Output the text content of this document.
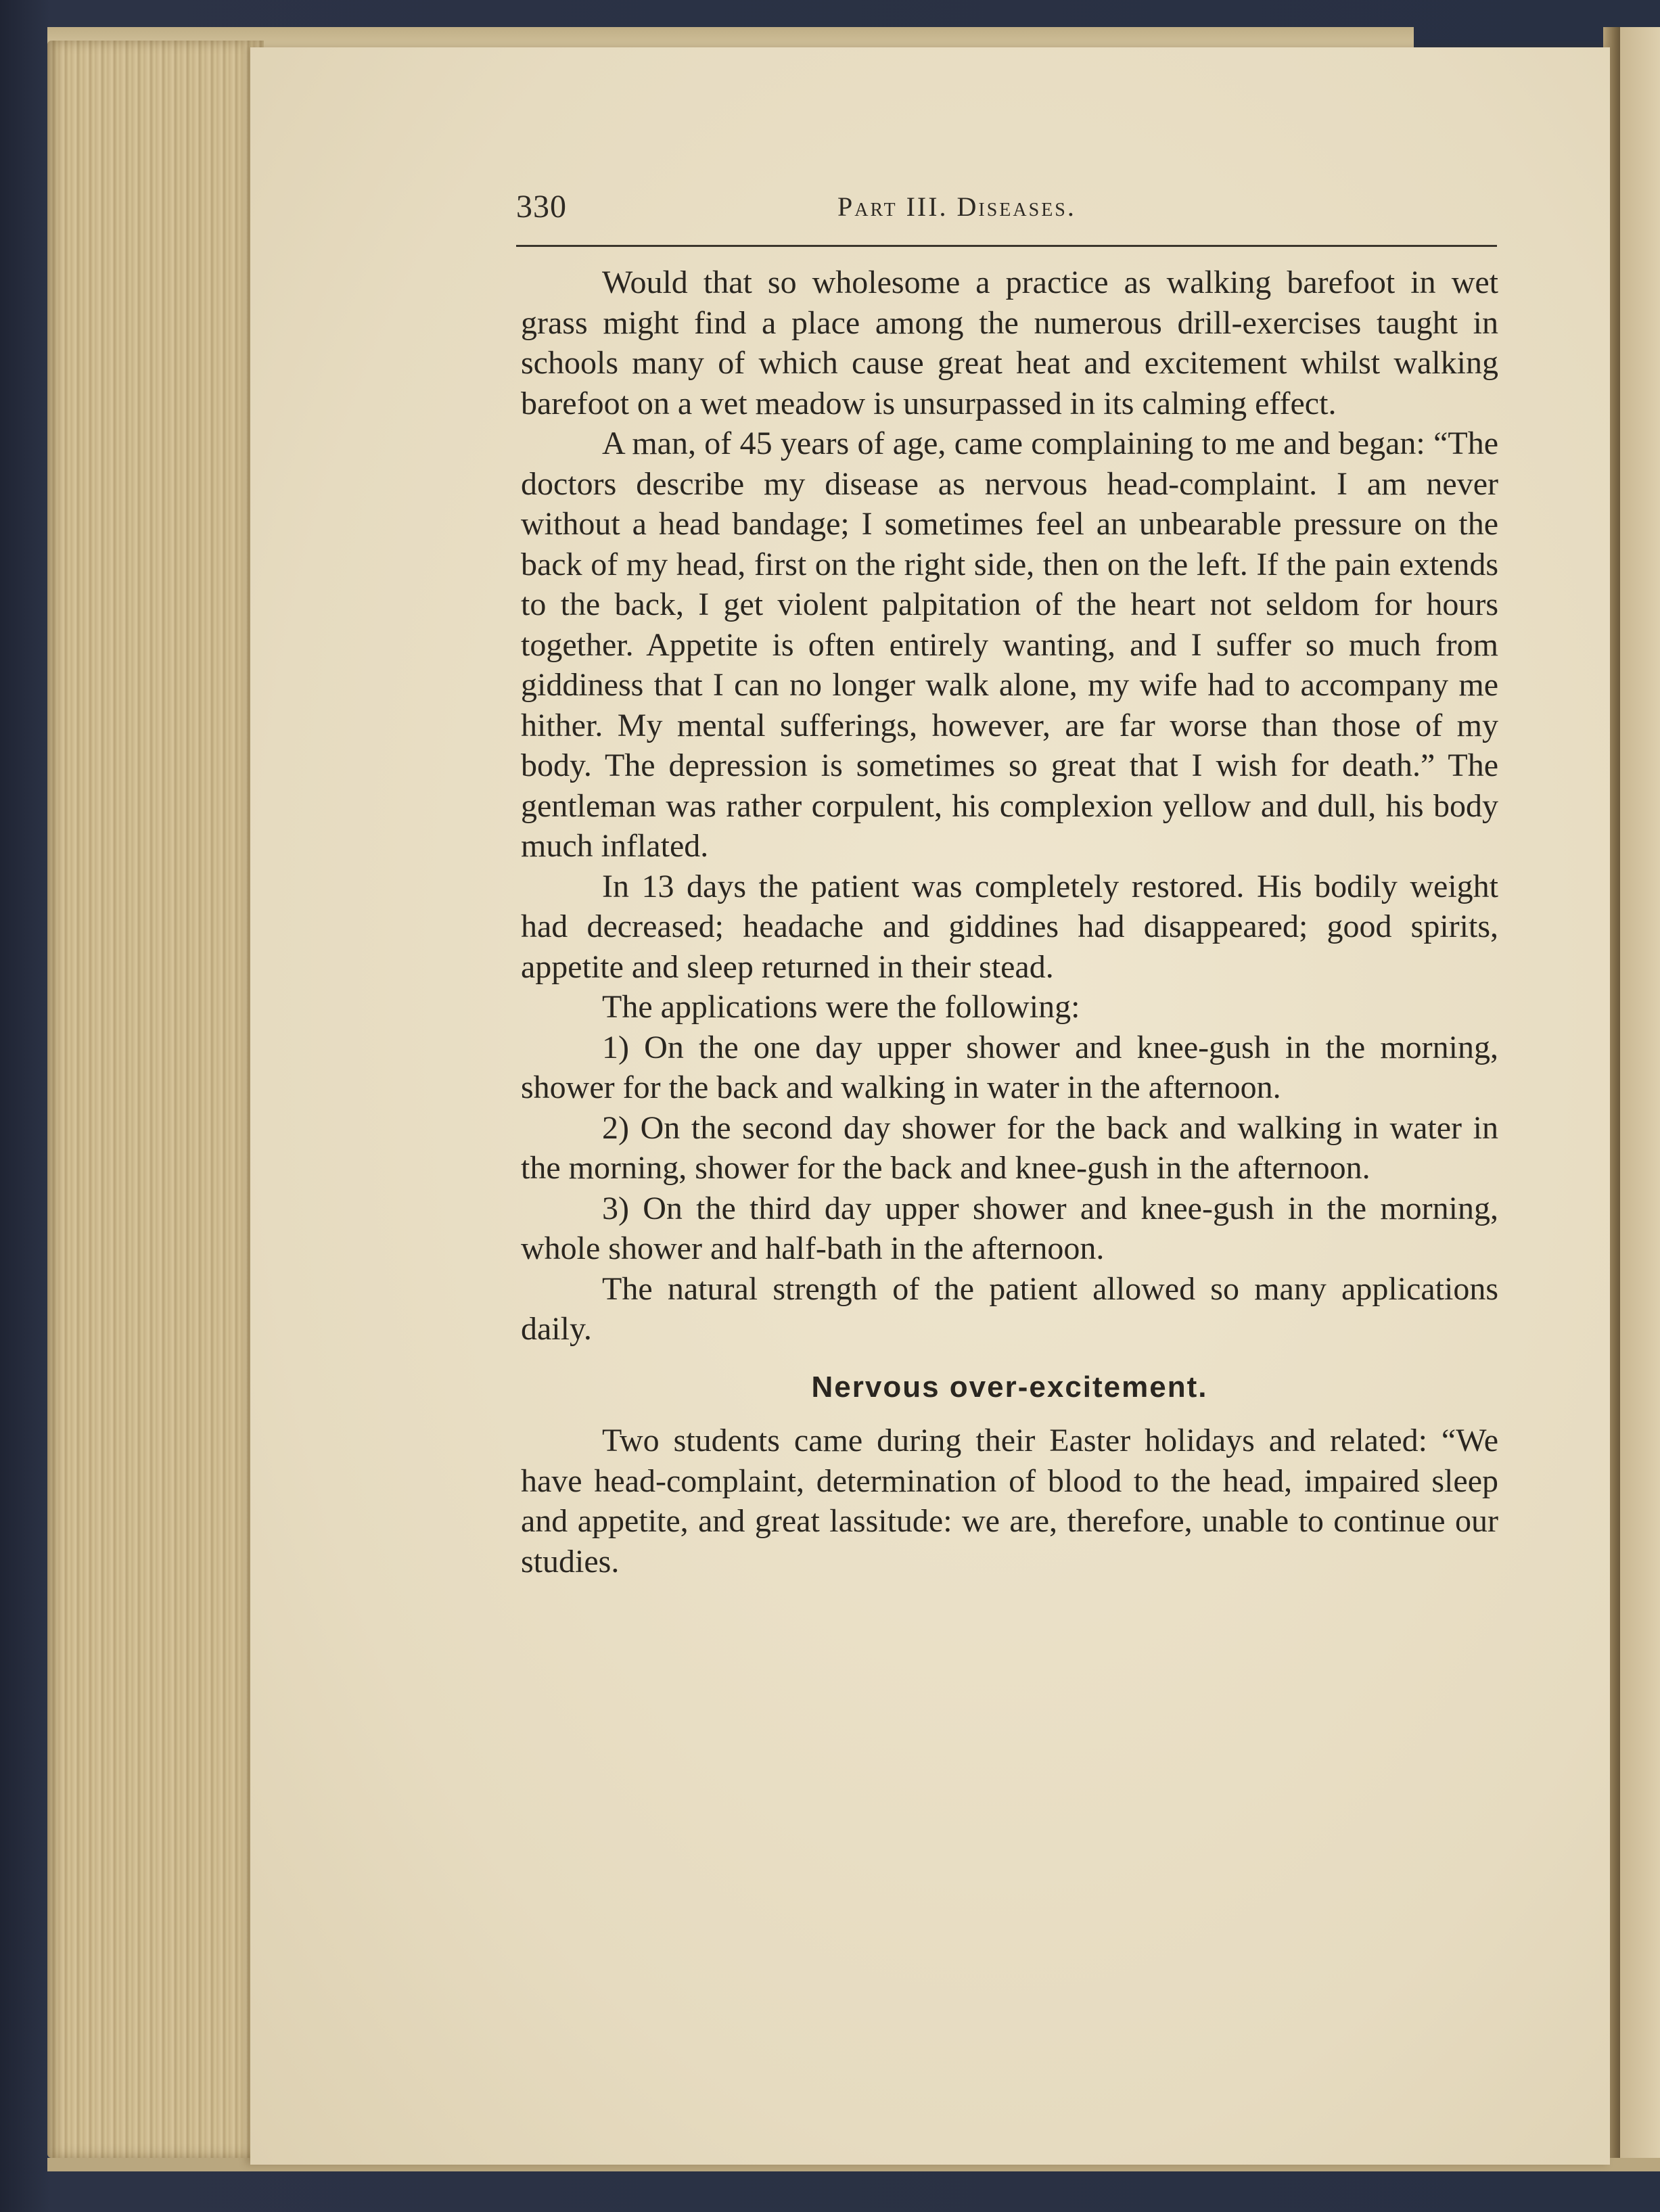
330	Part III. Diseases.

Would that so wholesome a practice as walking barefoot in wet grass might find a place among the numerous drill-exercises taught in schools many of which cause great heat and excitement whilst walking barefoot on a wet meadow is unsurpassed in its calming effect.

A man, of 45 years of age, came complaining to me and began: “The doctors describe my disease as nervous head-complaint. I am never without a head bandage; I sometimes feel an unbearable pressure on the back of my head, first on the right side, then on the left. If the pain extends to the back, I get violent palpitation of the heart not seldom for hours together. Appetite is often entirely wanting, and I suffer so much from giddiness that I can no longer walk alone, my wife had to accompany me hither. My mental sufferings, however, are far worse than those of my body. The depression is sometimes so great that I wish for death.” The gentleman was rather corpulent, his complexion yellow and dull, his body much inflated.

In 13 days the patient was completely restored. His bodily weight had decreased; headache and giddines had disappeared; good spirits, appetite and sleep returned in their stead.

The applications were the following:

1) On the one day upper shower and knee-gush in the morning, shower for the back and walking in water in the afternoon.

2) On the second day shower for the back and walking in water in the morning, shower for the back and knee-gush in the afternoon.

3) On the third day upper shower and knee-gush in the morning, whole shower and half-bath in the afternoon.

The natural strength of the patient allowed so many applications daily.

Nervous over-excitement.

Two students came during their Easter holidays and related: “We have head-complaint, determination of blood to the head, impaired sleep and appetite, and great lassitude: we are, therefore, unable to continue our studies.
